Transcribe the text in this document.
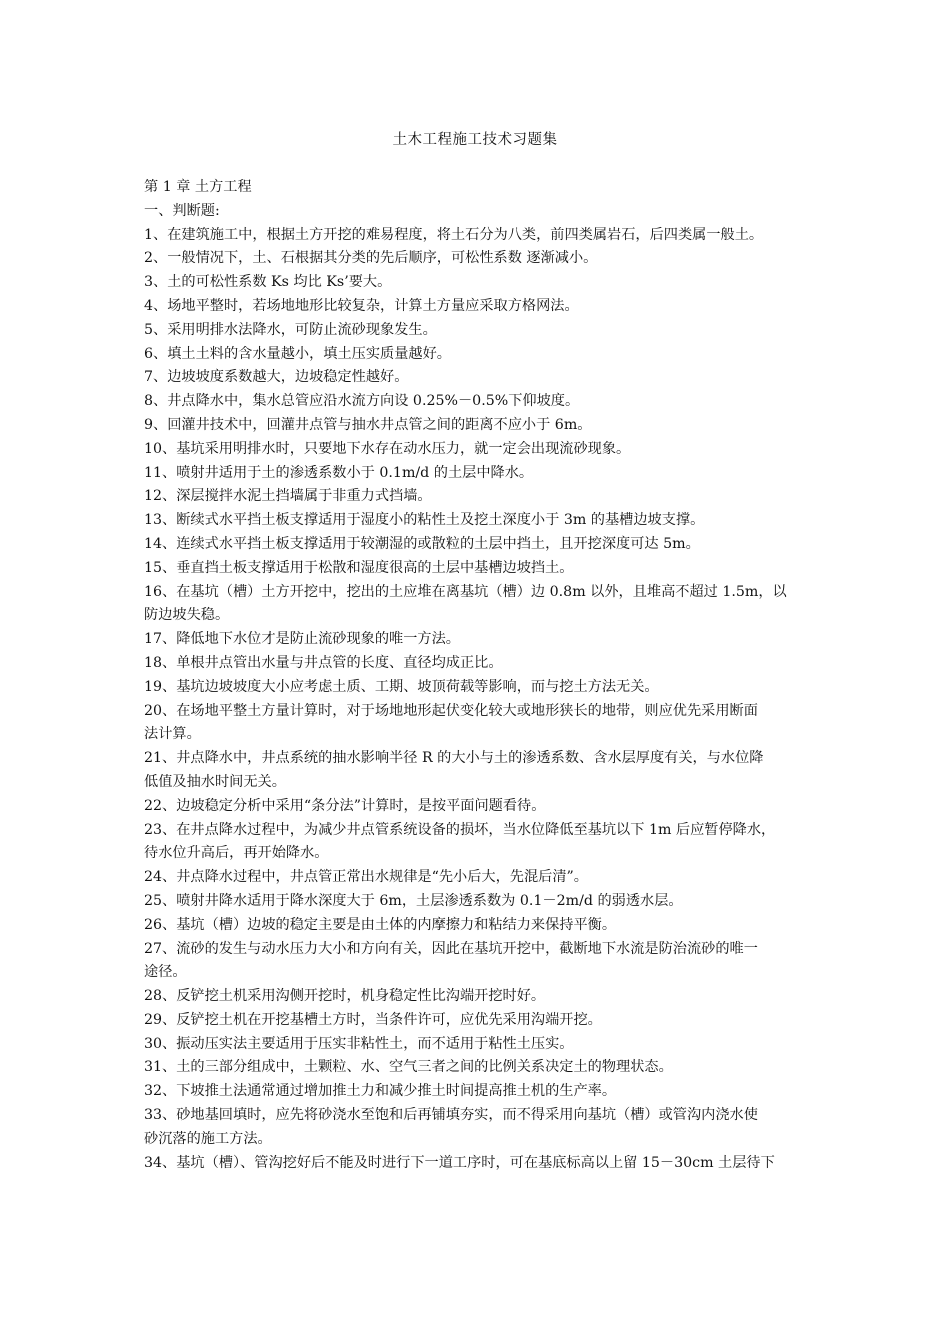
土木工程施工技术习题集
第 1 章 土方工程
一、判断题:
1、在建筑施工中，根据土方开挖的难易程度，将土石分为八类，前四类属岩石，后四类属一般土。
2、一般情况下，土、石根据其分类的先后顺序，可松性系数 逐渐减小。
3、土的可松性系数 Ks 均比 Ks’要大。
4、场地平整时，若场地地形比较复杂，计算土方量应采取方格网法。
5、采用明排水法降水，可防止流砂现象发生。
6、填土土料的含水量越小，填土压实质量越好。
7、边坡坡度系数越大，边坡稳定性越好。
8、井点降水中，集水总管应沿水流方向设 0.25%－0.5%下仰坡度。
9、回灌井技术中，回灌井点管与抽水井点管之间的距离不应小于 6m。
10、基坑采用明排水时，只要地下水存在动水压力，就一定会出现流砂现象。
11、喷射井适用于土的渗透系数小于 0.1m/d 的土层中降水。
12、深层搅拌水泥土挡墙属于非重力式挡墙。
13、断续式水平挡土板支撑适用于湿度小的粘性土及挖土深度小于 3m 的基槽边坡支撑。
14、连续式水平挡土板支撑适用于较潮湿的或散粒的土层中挡土，且开挖深度可达 5m。
15、垂直挡土板支撑适用于松散和湿度很高的土层中基槽边坡挡土。
16、在基坑（槽）土方开挖中，挖出的土应堆在离基坑（槽）边 0.8m 以外，且堆高不超过 1.5m，以
防边坡失稳。
17、降低地下水位才是防止流砂现象的唯一方法。
18、单根井点管出水量与井点管的长度、直径均成正比。
19、基坑边坡坡度大小应考虑土质、工期、坡顶荷载等影响，而与挖土方法无关。
20、在场地平整土方量计算时，对于场地地形起伏变化较大或地形狭长的地带，则应优先采用断面
法计算。
21、井点降水中，井点系统的抽水影响半径 R 的大小与土的渗透系数、含水层厚度有关，与水位降
低值及抽水时间无关。
22、边坡稳定分析中采用“条分法”计算时，是按平面问题看待。
23、在井点降水过程中，为减少井点管系统设备的损坏，当水位降低至基坑以下 1m 后应暂停降水，
待水位升高后，再开始降水。
24、井点降水过程中，井点管正常出水规律是“先小后大，先混后清”。
25、喷射井降水适用于降水深度大于 6m，土层渗透系数为 0.1－2m/d 的弱透水层。
26、基坑（槽）边坡的稳定主要是由土体的内摩擦力和粘结力来保持平衡。
27、流砂的发生与动水压力大小和方向有关，因此在基坑开挖中，截断地下水流是防治流砂的唯一
途径。
28、反铲挖土机采用沟侧开挖时，机身稳定性比沟端开挖时好。
29、反铲挖土机在开挖基槽土方时，当条件许可，应优先采用沟端开挖。
30、振动压实法主要适用于压实非粘性土，而不适用于粘性土压实。
31、土的三部分组成中，土颗粒、水、空气三者之间的比例关系决定土的物理状态。
32、下坡推土法通常通过增加推土力和减少推土时间提高推土机的生产率。
33、砂地基回填时，应先将砂浇水至饱和后再铺填夯实，而不得采用向基坑（槽）或管沟内浇水使
砂沉落的施工方法。
34、基坑（槽）、管沟挖好后不能及时进行下一道工序时，可在基底标高以上留 15－30cm 土层待下
